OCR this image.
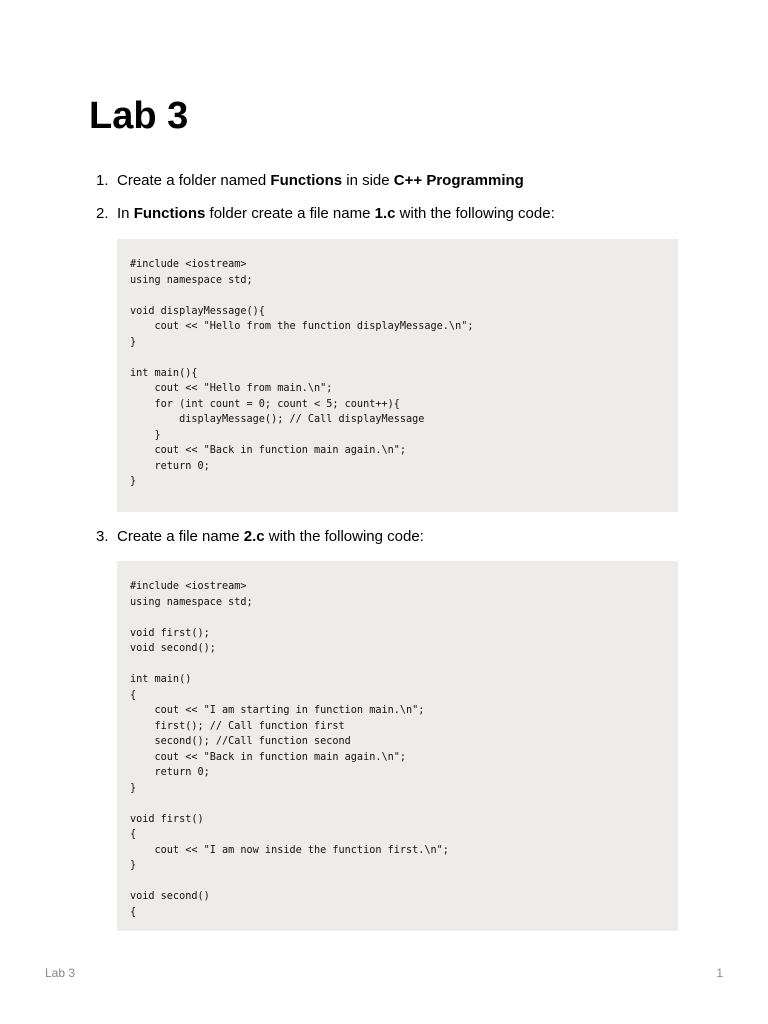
Lab 3
1. Create a folder named Functions in side C++ Programming
2. In Functions folder create a file name 1.c with the following code:
#include <iostream>
using namespace std;

void displayMessage(){
cout << "Hello from the function displayMessage.\n";
}

int main(){
cout << "Hello from main.\n";
for (int count = 0; count < 5; count++){
displayMessage(); // Call displayMessage
}
cout << "Back in function main again.\n";
return 0;
}
3. Create a file name 2.c with the following code:
#include <iostream>
using namespace std;

void first();
void second();

int main()
{
cout << "I am starting in function main.\n";
first(); // Call function first
second(); //Call function second
cout << "Back in function main again.\n";
return 0;
}

void first()
{
cout << "I am now inside the function first.\n";
}

void second()
{
Lab 3	1
